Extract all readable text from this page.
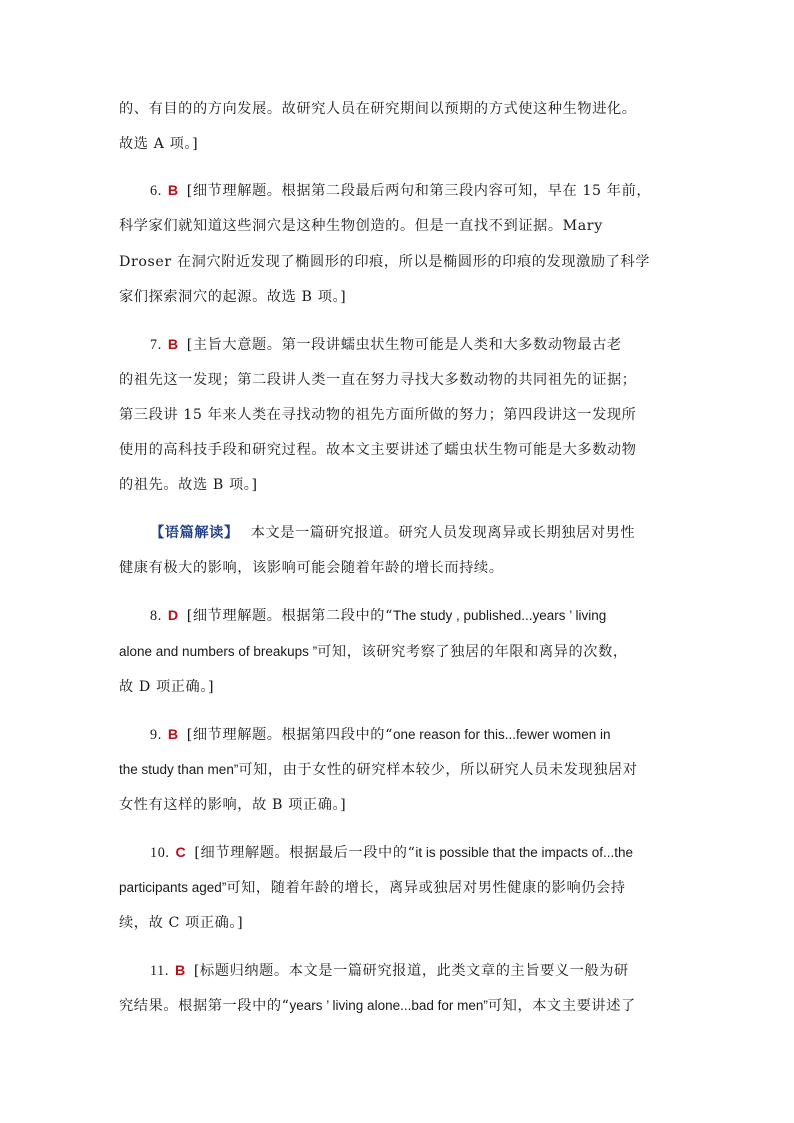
的、有目的的方向发展。故研究人员在研究期间以预期的方式使这种生物进化。
故选 A 项。]
6. B [细节理解题。根据第二段最后两句和第三段内容可知，早在 15 年前，
科学家们就知道这些洞穴是这种生物创造的。但是一直找不到证据。Mary
Droser 在洞穴附近发现了椭圆形的印痕，所以是椭圆形的印痕的发现激励了科学
家们探索洞穴的起源。故选 B 项。]
7. B [主旨大意题。第一段讲蠕虫状生物可能是人类和大多数动物最古老
的祖先这一发现；第二段讲人类一直在努力寻找大多数动物的共同祖先的证据；
第三段讲 15 年来人类在寻找动物的祖先方面所做的努力；第四段讲这一发现所
使用的高科技手段和研究过程。故本文主要讲述了蠕虫状生物可能是大多数动物
的祖先。故选 B 项。]
【语篇解读】 本文是一篇研究报道。研究人员发现离异或长期独居对男性
健康有极大的影响，该影响可能会随着年龄的增长而持续。
8. D [细节理解题。根据第二段中的“The study , published...years ’ living
alone and numbers of breakups ”可知，该研究考察了独居的年限和离异的次数，
故 D 项正确。]
9. B [细节理解题。根据第四段中的“one reason for this...fewer women in
the study than men”可知，由于女性的研究样本较少，所以研究人员未发现独居对
女性有这样的影响，故 B 项正确。]
10. C [细节理解题。根据最后一段中的“it is possible that the impacts of...the
participants aged”可知，随着年龄的增长，离异或独居对男性健康的影响仍会持
续，故 C 项正确。]
11. B [标题归纳题。本文是一篇研究报道，此类文章的主旨要义一般为研
究结果。根据第一段中的“years ’ living alone...bad for men”可知，本文主要讲述了
